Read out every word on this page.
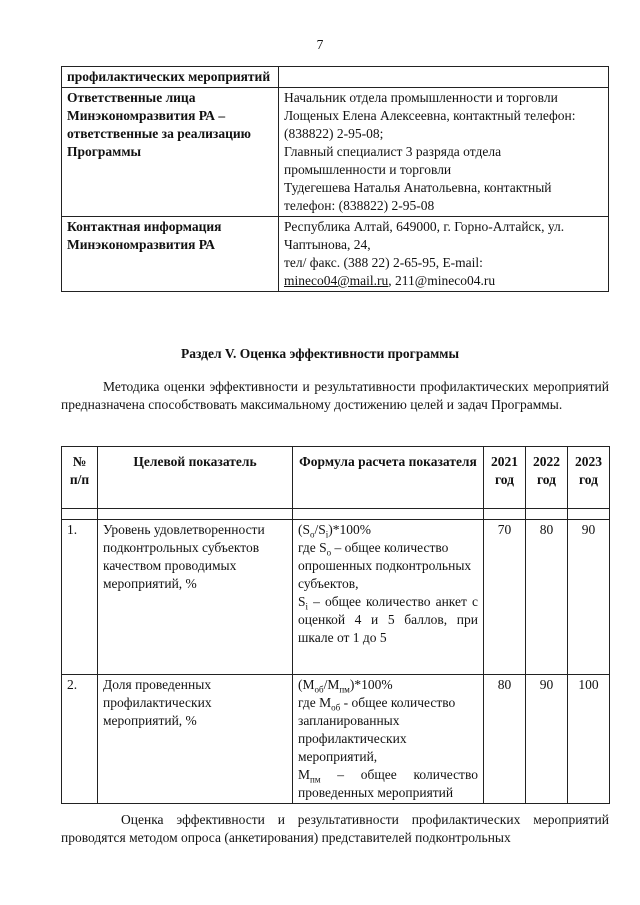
7
профилактических мероприятий	
Ответственные лица Минэкономразвития РА – ответственные за реализацию Программы	Начальник отдела промышленности и торговли
Лощеных Елена Алексеевна, контактный телефон: (838822) 2-95-08;
Главный специалист 3 разряда отдела промышленности и торговли
Тудегешева Наталья Анатольевна, контактный телефон: (838822) 2-95-08

Контактная информация Минэкономразвития РА	Республика Алтай, 649000, г. Горно-Алтайск, ул. Чаптынова, 24,
тел/ факс. (388 22) 2-65-95, E-mail:
mineco04@mail.ru, 211@mineco04.ru
Раздел V. Оценка эффективности программы
Методика оценки эффективности и результативности профилактических мероприятий предназначена способствовать максимальному достижению целей и задач Программы.
№ п/п	Целевой показатель	Формула расчета показателя	2021 год	2022 год	2023 год

1.	Уровень удовлетворенности подконтрольных субъектов качеством проводимых мероприятий, %	$(S_о/S_i)*100\%$
где $S_о$ – общее количество опрошенных подконтрольных субъектов,
$S_i$ – общее количество анкет с оценкой 4 и 5 баллов, при шкале от 1 до 5	70	80	90
2.	Доля проведенных профилактических мероприятий, %	$(М_{об}/М_{пм})*100\%$
где $М_{об}$ - общее количество запланированных профилактических мероприятий,
$М_{пм}$ – общее количество проведенных мероприятий	80	90	100
Оценка эффективности и результативности профилактических мероприятий проводятся методом опроса (анкетирования) представителей подконтрольных
